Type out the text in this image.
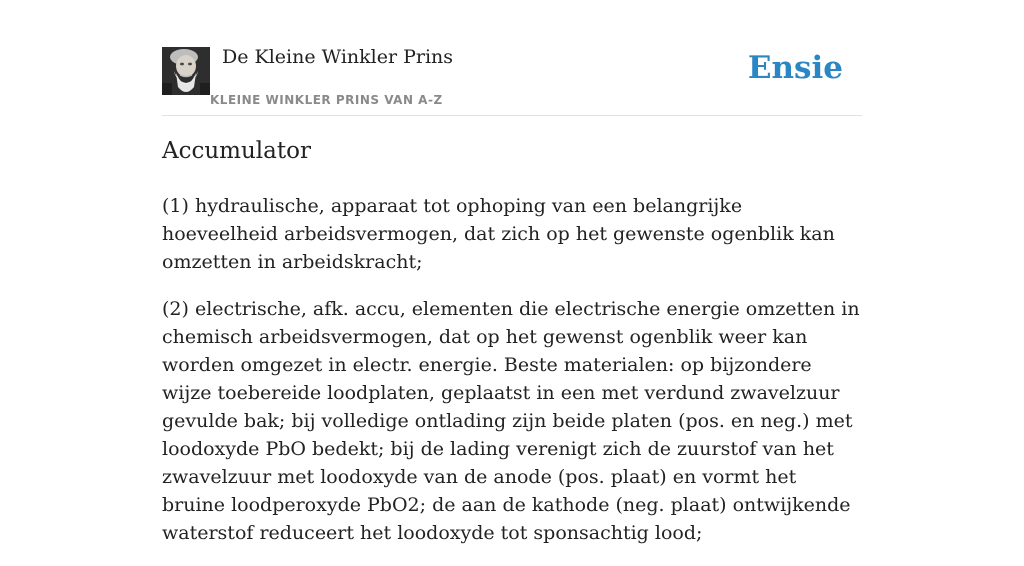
De Kleine Winkler Prins
KLEINE WINKLER PRINS VAN A-Z
Ensie
Accumulator

(1) hydraulische, apparaat tot ophoping van een belangrijke hoeveelheid arbeidsvermogen, dat zich op het gewenste ogenblik kan omzetten in arbeidskracht;

(2) electrische, afk. accu, elementen die electrische energie omzetten in chemisch arbeidsvermogen, dat op het gewenst ogenblik weer kan worden omgezet in electr. energie. Beste materialen: op bijzondere wijze toebereide loodplaten, geplaatst in een met verdund zwavelzuur gevulde bak; bij volledige ontlading zijn beide platen (pos. en neg.) met loodoxyde PbO bedekt; bij de lading verenigt zich de zuurstof van het zwavelzuur met loodoxyde van de anode (pos. plaat) en vormt het bruine loodperoxyde PbO2; de aan de kathode (neg. plaat) ontwijkende waterstof reduceert het loodoxyde tot sponsachtig lood;
